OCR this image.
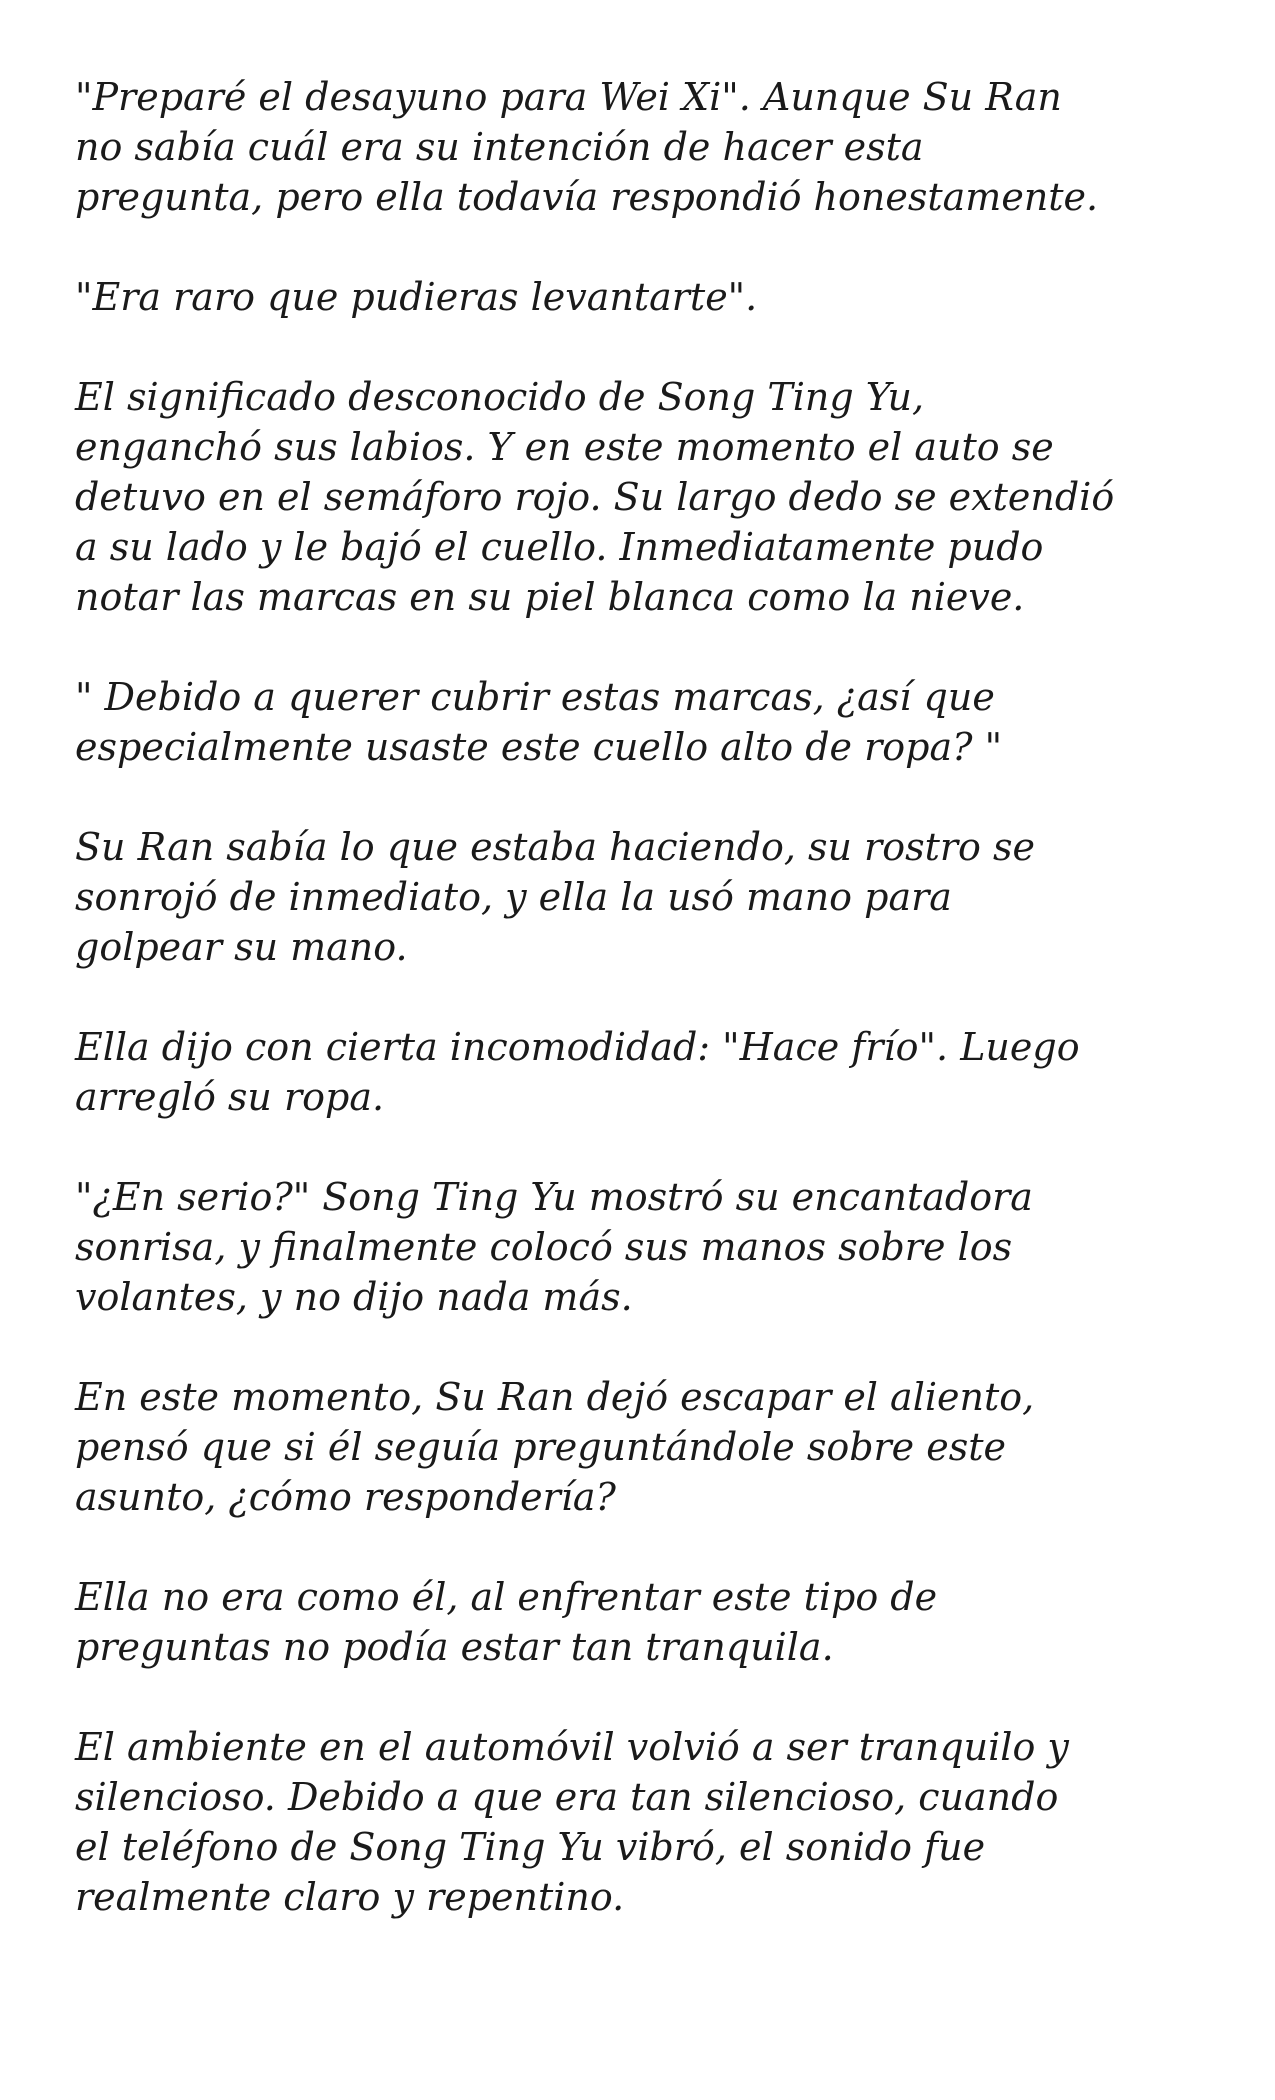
"Preparé el desayuno para Wei Xi". Aunque Su Ran
no sabía cuál era su intención de hacer esta
pregunta, pero ella todavía respondió honestamente.

"Era raro que pudieras levantarte".

El significado desconocido de Song Ting Yu,
enganchó sus labios. Y en este momento el auto se
detuvo en el semáforo rojo. Su largo dedo se extendió
a su lado y le bajó el cuello. Inmediatamente pudo
notar las marcas en su piel blanca como la nieve.

" Debido a querer cubrir estas marcas, ¿así que
especialmente usaste este cuello alto de ropa? "

Su Ran sabía lo que estaba haciendo, su rostro se
sonrojó de inmediato, y ella la usó mano para
golpear su mano.

Ella dijo con cierta incomodidad: "Hace frío". Luego
arregló su ropa.

"¿En serio?" Song Ting Yu mostró su encantadora
sonrisa, y finalmente colocó sus manos sobre los
volantes, y no dijo nada más.

En este momento, Su Ran dejó escapar el aliento,
pensó que si él seguía preguntándole sobre este
asunto, ¿cómo respondería?

Ella no era como él, al enfrentar este tipo de
preguntas no podía estar tan tranquila.

El ambiente en el automóvil volvió a ser tranquilo y
silencioso. Debido a que era tan silencioso, cuando
el teléfono de Song Ting Yu vibró, el sonido fue
realmente claro y repentino.
